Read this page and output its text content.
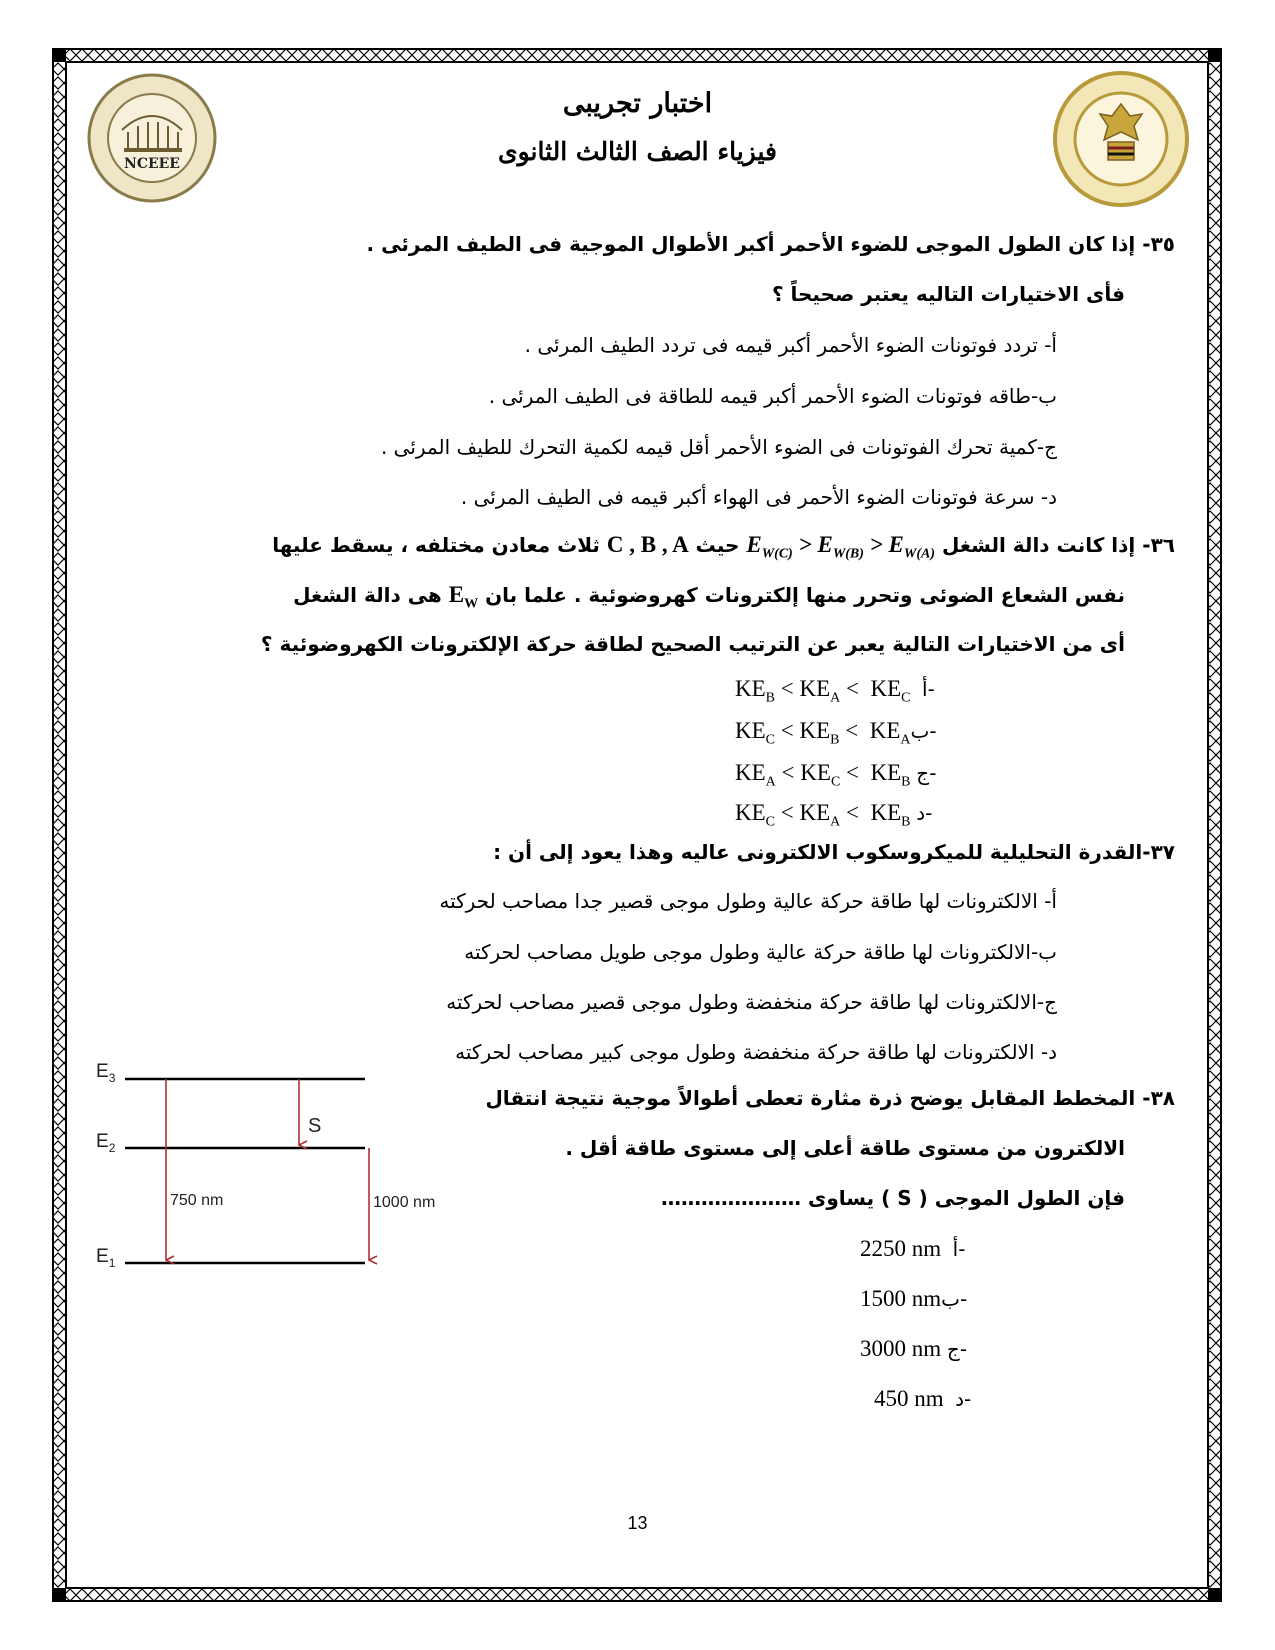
NCEEE
اختبار تجريبى
فيزياء الصف الثالث الثانوى
٣٥- إذا كان الطول الموجى للضوء الأحمر أكبر الأطوال الموجية فى الطيف المرئى .
فأى الاختيارات التاليه يعتبر صحيحاً ؟
أ- تردد فوتونات الضوء الأحمر أكبر قيمه فى تردد الطيف المرئى .
ب-طاقه فوتونات الضوء الأحمر أكبر قيمه للطاقة فى الطيف المرئى .
ج-كمية تحرك الفوتونات فى الضوء الأحمر أقل قيمه لكمية التحرك للطيف المرئى .
د- سرعة فوتونات الضوء الأحمر فى الهواء أكبر قيمه فى الطيف المرئى .
٣٦- إذا كانت دالة الشغل $E_{W(C)} > E_{W(B)} > E_{W(A)}$ حيث C , B , A ثلاث معادن مختلفه ، يسقط عليها
نفس الشعاع الضوئى وتحرر منها إلكترونات كهروضوئية . علما بان $E_W$ هى دالة الشغل
أى من الاختيارات التالية يعبر عن الترتيب الصحيح لطاقة حركة الإلكترونات الكهروضوئية ؟
$KE_B < KE_A < KE_C$ أ-
$KE_C < KE_B$ <  $KE_Aب-$
$KE_A < KE_C < KE_B$ ج-
$KE_C < KE_A < KE_B$ د-
٣٧-القدرة التحليلية للميكروسكوب الالكترونى عاليه وهذا يعود إلى أن :
أ- الالكترونات لها طاقة حركة عالية وطول موجى قصير جدا مصاحب لحركته
ب-الالكترونات لها طاقة حركة عالية وطول موجى طويل مصاحب لحركته
ج-الالكترونات لها طاقة حركة منخفضة وطول موجى قصير مصاحب لحركته
د- الالكترونات لها طاقة حركة منخفضة وطول موجى كبير مصاحب لحركته
٣٨- المخطط المقابل يوضح ذرة مثارة تعطى أطوالاً موجية نتيجة انتقال
الالكترون من مستوى طاقة أعلى إلى مستوى طاقة أقل .
فإن الطول الموجى ( S ) يساوى …………………
2250 nm أ-
1500 nmب-
3000 nm ج-
450 nm د-
$E_3$
$E_2$
$E_1$
S
750 nm	1000 nm
13
